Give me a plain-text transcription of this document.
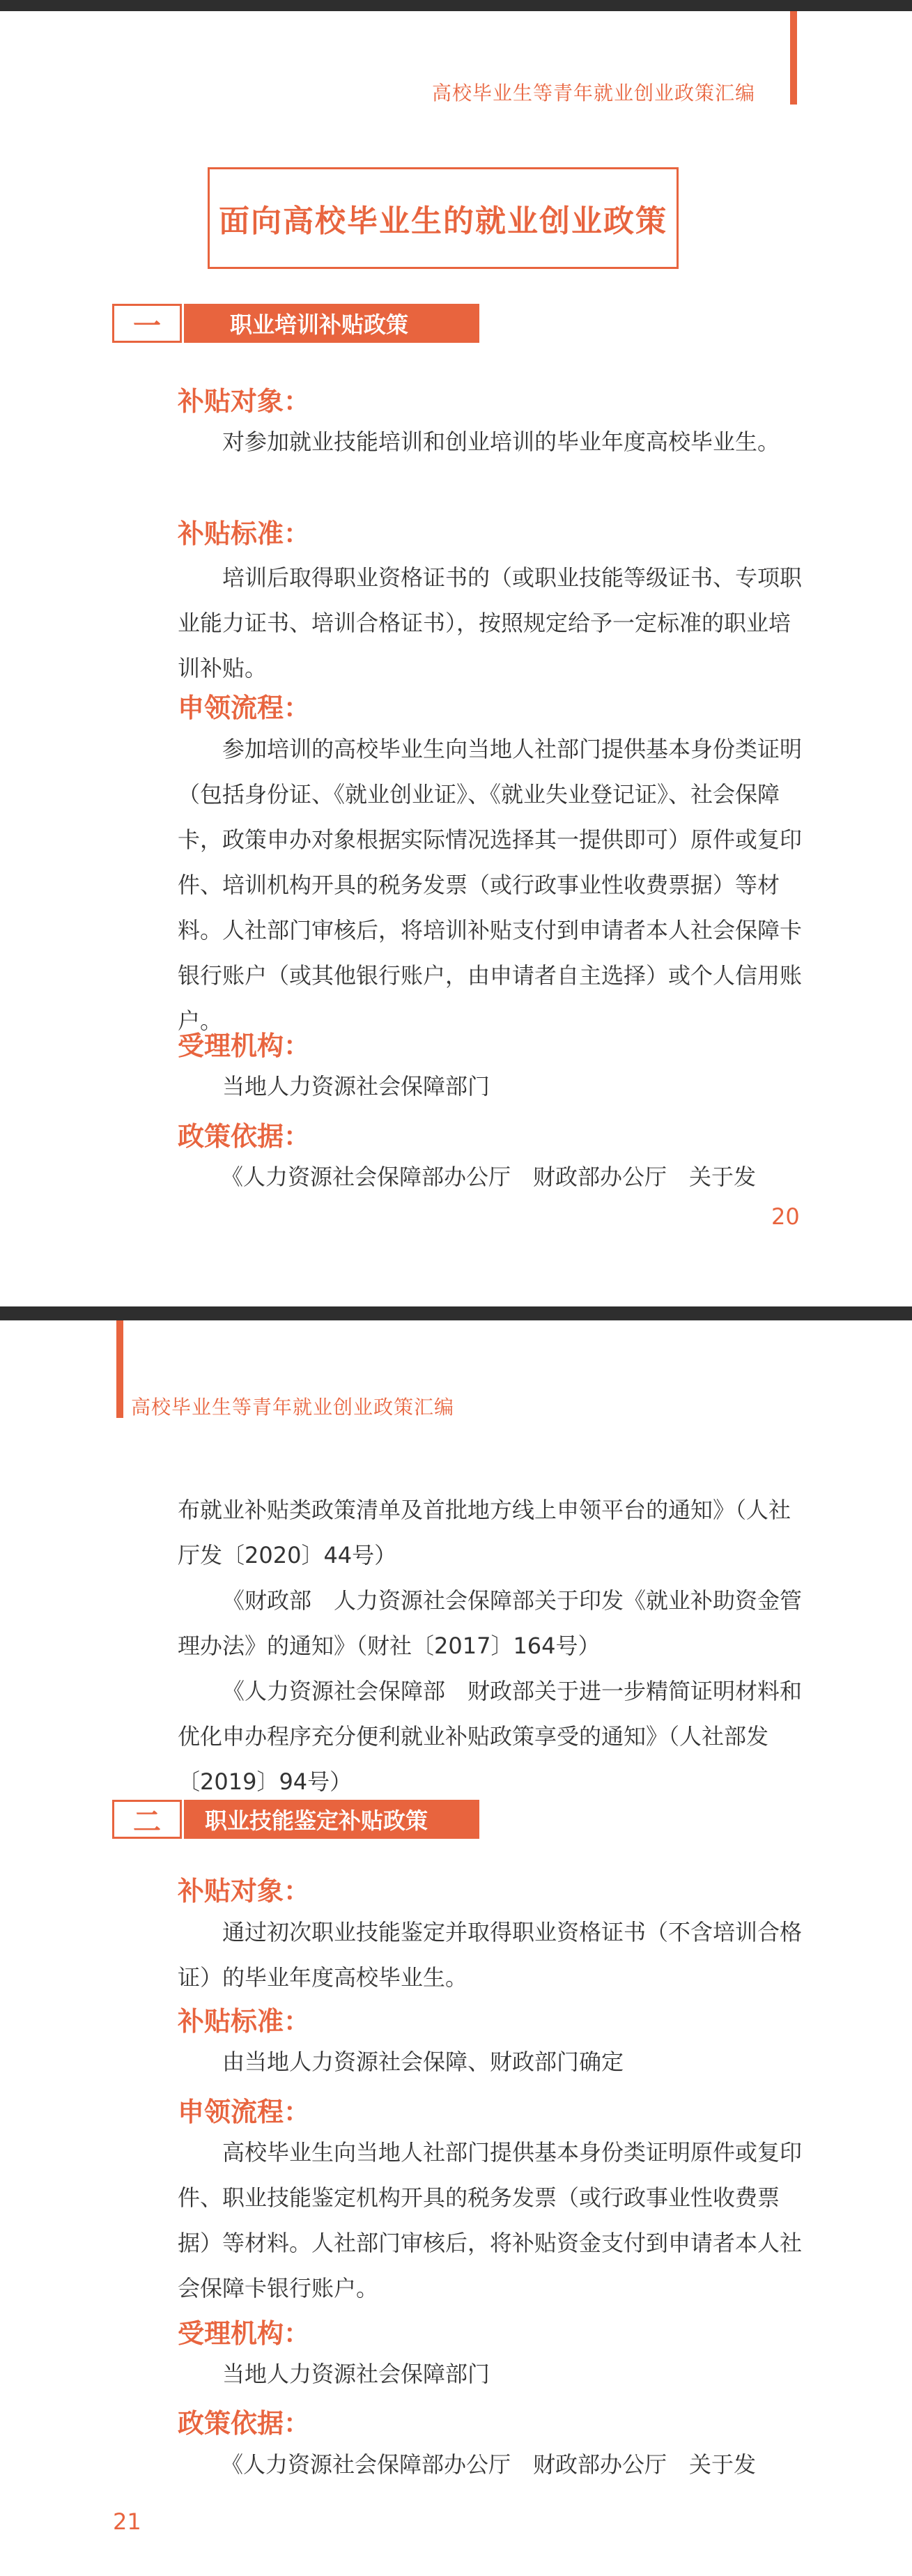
高校毕业生等青年就业创业政策汇编
面向高校毕业生的就业创业政策
一	职业培训补贴政策
补贴对象：

对参加就业技能培训和创业培训的毕业年度高校毕业生。

补贴标准：

培训后取得职业资格证书的（或职业技能等级证书、专项职业能力证书、培训合格证书），按照规定给予一定标准的职业培训补贴。

申领流程：

参加培训的高校毕业生向当地人社部门提供基本身份类证明（包括身份证、《就业创业证》、《就业失业登记证》、社会保障卡，政策申办对象根据实际情况选择其一提供即可）原件或复印件、培训机构开具的税务发票（或行政事业性收费票据）等材料。人社部门审核后，将培训补贴支付到申请者本人社会保障卡银行账户（或其他银行账户，由申请者自主选择）或个人信用账户。

受理机构：

当地人力资源社会保障部门

政策依据：

《人力资源社会保障部办公厅　财政部办公厅　关于发

20
高校毕业生等青年就业创业政策汇编

布就业补贴类政策清单及首批地方线上申领平台的通知》（人社厅发〔2020〕44号）

《财政部　人力资源社会保障部关于印发《就业补助资金管理办法》的通知》（财社〔2017〕164号）

《人力资源社会保障部　财政部关于进一步精简证明材料和优化申办程序充分便利就业补贴政策享受的通知》（人社部发〔2019〕94号）

二	职业技能鉴定补贴政策
补贴对象：

通过初次职业技能鉴定并取得职业资格证书（不含培训合格证）的毕业年度高校毕业生。

补贴标准：

由当地人力资源社会保障、财政部门确定

申领流程：

高校毕业生向当地人社部门提供基本身份类证明原件或复印件、职业技能鉴定机构开具的税务发票（或行政事业性收费票据）等材料。人社部门审核后，将补贴资金支付到申请者本人社会保障卡银行账户。

受理机构：

当地人力资源社会保障部门

政策依据：

《人力资源社会保障部办公厅　财政部办公厅　关于发

21
